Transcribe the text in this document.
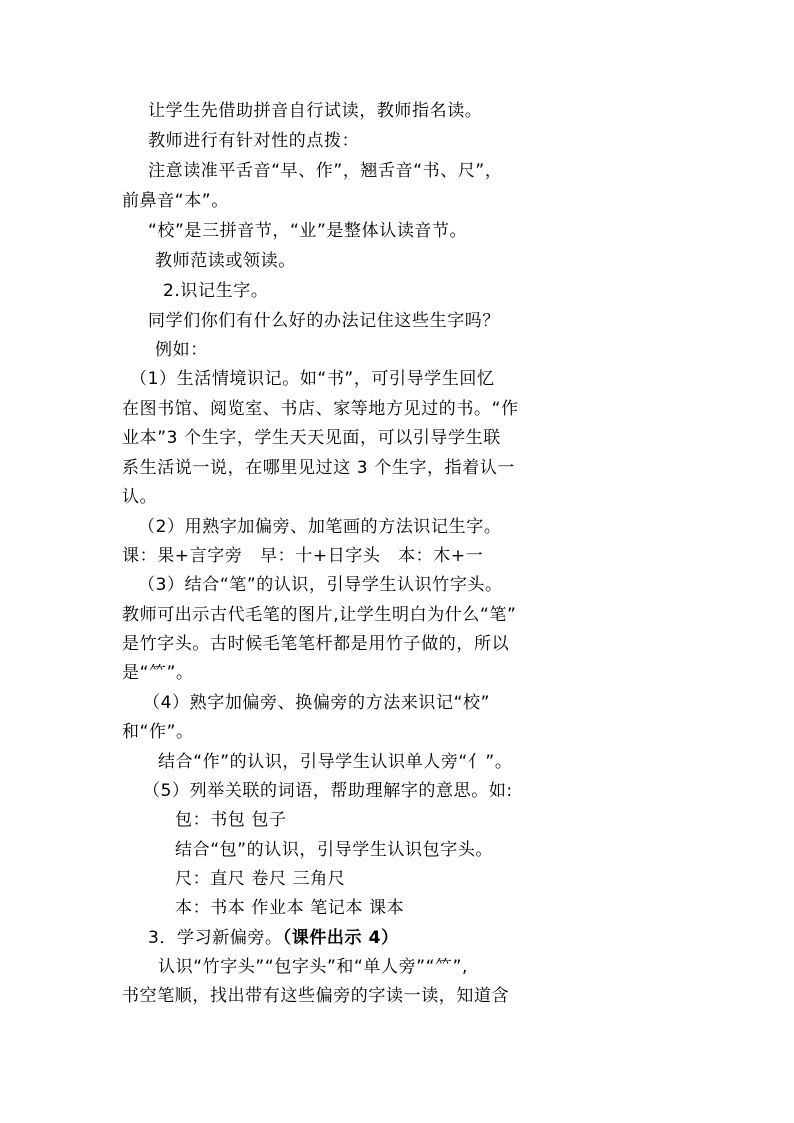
让学生先借助拼音自行试读，教师指名读。
教师进行有针对性的点拨：
注意读准平舌音“早、作”，翘舌音“书、尺”，
前鼻音“本”。
“校”是三拼音节，“业”是整体认读音节。
教师范读或领读。
2.识记生字。
同学们你们有什么好的办法记住这些生字吗？
例如：
（1）生活情境识记。如“书”，可引导学生回忆
在图书馆、阅览室、书店、家等地方见过的书。“作
业本”3 个生字，学生天天见面，可以引导学生联
系生活说一说，在哪里见过这 3 个生字，指着认一
认。
（2）用熟字加偏旁、加笔画的方法识记生字。
课：果+言字旁　早：十+日字头　本：木+一
（3）结合“笔”的认识，引导学生认识竹字头。
教师可出示古代毛笔的图片,让学生明白为什么“笔”
是竹字头。古时候毛笔笔杆都是用竹子做的，所以
是“⺮”。
（4）熟字加偏旁、换偏旁的方法来识记“校”
和“作”。
结合“作”的认识，引导学生认识单人旁“亻”。
（5）列举关联的词语，帮助理解字的意思。如:
包：书包 包子
结合“包”的认识，引导学生认识包字头。
尺：直尺 卷尺 三角尺
本：书本 作业本 笔记本 课本
3．学习新偏旁。（课件出示 4）
认识“竹字头”“包字头”和“单人旁”“⺮”,
书空笔顺，找出带有这些偏旁的字读一读，知道含
